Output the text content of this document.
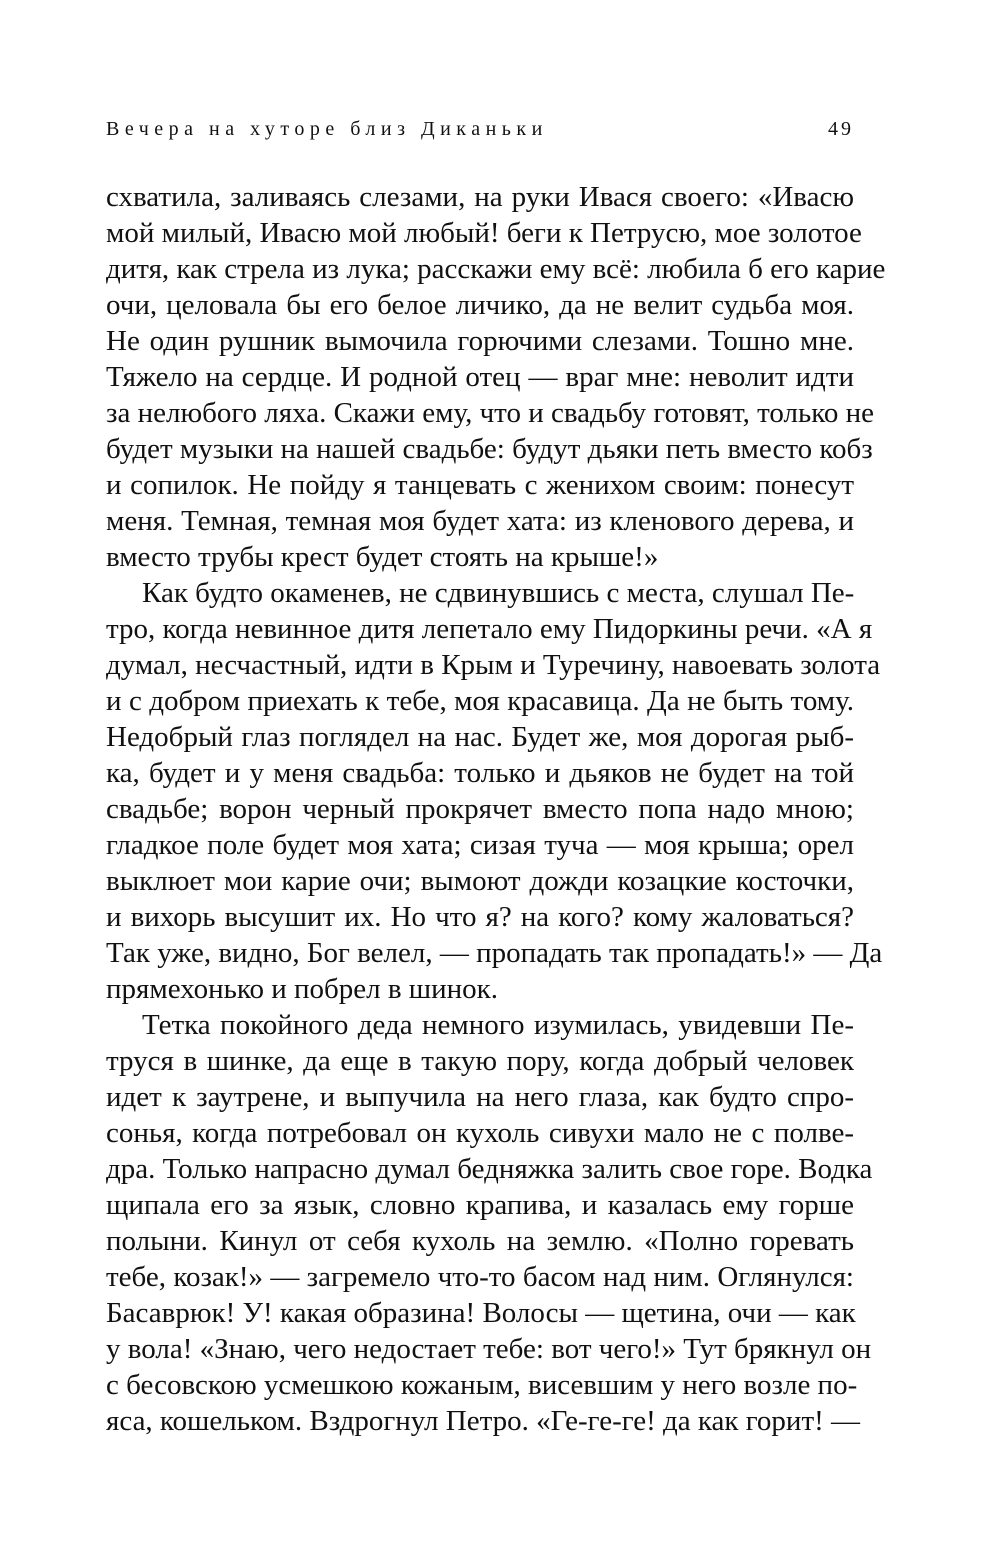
Вечера на хуторе близ Диканьки	49
схватила, заливаясь слезами, на руки Ивася своего: «Ивасю
мой милый, Ивасю мой любый! беги к Петрусю, мое золотое
дитя, как стрела из лука; расскажи ему всё: любила б его карие
очи, целовала бы его белое личико, да не велит судьба моя.
Не один рушник вымочила горючими слезами. Тошно мне.
Тяжело на сердце. И родной отец — враг мне: неволит идти
за нелюбого ляха. Скажи ему, что и свадьбу готовят, только не
будет музыки на нашей свадьбе: будут дьяки петь вместо кобз
и сопилок. Не пойду я танцевать с женихом своим: понесут
меня. Темная, темная моя будет хата: из кленового дерева, и
вместо трубы крест будет стоять на крыше!»
Как будто окаменев, не сдвинувшись с места, слушал Пе-
тро, когда невинное дитя лепетало ему Пидоркины речи. «А я
думал, несчастный, идти в Крым и Туречину, навоевать золота
и с добром приехать к тебе, моя красавица. Да не быть тому.
Недобрый глаз поглядел на нас. Будет же, моя дорогая рыб-
ка, будет и у меня свадьба: только и дьяков не будет на той
свадьбе; ворон черный прокрячет вместо попа надо мною;
гладкое поле будет моя хата; сизая туча — моя крыша; орел
выклюет мои карие очи; вымоют дожди козацкие косточки,
и вихорь высушит их. Но что я? на кого? кому жаловаться?
Так уже, видно, Бог велел, — пропадать так пропадать!» — Да
прямехонько и побрел в шинок.
Тетка покойного деда немного изумилась, увидевши Пе-
труся в шинке, да еще в такую пору, когда добрый человек
идет к заутрене, и выпучила на него глаза, как будто спро-
сонья, когда потребовал он кухоль сивухи мало не с полве-
дра. Только напрасно думал бедняжка залить свое горе. Водка
щипала его за язык, словно крапива, и казалась ему горше
полыни. Кинул от себя кухоль на землю. «Полно горевать
тебе, козак!» — загремело что-то басом над ним. Оглянулся:
Басаврюк! У! какая образина! Волосы — щетина, очи — как
у вола! «Знаю, чего недостает тебе: вот чего!» Тут брякнул он
с бесовскою усмешкою кожаным, висевшим у него возле по-
яса, кошельком. Вздрогнул Петро. «Ге-ге-ге! да как горит! —
